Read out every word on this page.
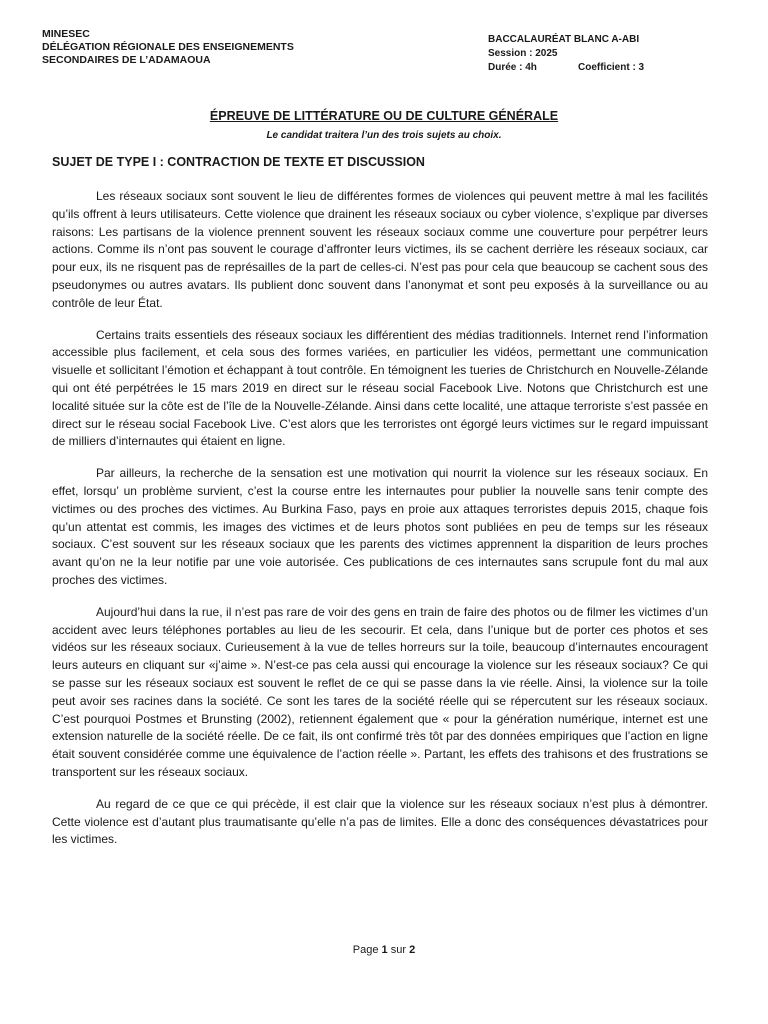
MINESEC
DÉLÉGATION RÉGIONALE DES ENSEIGNEMENTS
SECONDAIRES DE L’ADAMAOUA
BACCALAURÉAT BLANC A-ABI
Session : 2025
Durée : 4h	Coefficient : 3
ÉPREUVE DE LITTÉRATURE OU DE CULTURE GÉNÉRALE
Le candidat traitera l’un des trois sujets au choix.
SUJET DE TYPE I : CONTRACTION DE TEXTE ET DISCUSSION

Les réseaux sociaux sont souvent le lieu de différentes formes de violences qui peuvent mettre à mal les facilités qu’ils offrent à leurs utilisateurs. Cette violence que drainent les réseaux sociaux ou cyber violence, s’explique par diverses raisons: Les partisans de la violence prennent souvent les réseaux sociaux comme une couverture pour perpétrer leurs actions. Comme ils n’ont pas souvent le courage d’affronter leurs victimes, ils se cachent derrière les réseaux sociaux, car pour eux, ils ne risquent pas de représailles de la part de celles-ci. N’est pas pour cela que beaucoup se cachent sous des pseudonymes ou autres avatars. Ils publient donc souvent dans l’anonymat et sont peu exposés à la surveillance ou au contrôle de leur État.

Certains traits essentiels des réseaux sociaux les différentient des médias traditionnels. Internet rend l’information accessible plus facilement, et cela sous des formes variées, en particulier les vidéos, permettant une communication visuelle et sollicitant l’émotion et échappant à tout contrôle. En témoignent les tueries de Christchurch en Nouvelle-Zélande qui ont été perpétrées le 15 mars 2019 en direct sur le réseau social Facebook Live. Notons que Christchurch est une localité située sur la côte est de l’île de la Nouvelle-Zélande. Ainsi dans cette localité, une attaque terroriste s’est passée en direct sur le réseau social Facebook Live. C’est alors que les terroristes ont égorgé leurs victimes sur le regard impuissant de milliers d’internautes qui étaient en ligne.

Par ailleurs, la recherche de la sensation est une motivation qui nourrit la violence sur les réseaux sociaux. En effet, lorsqu’ un problème survient, c’est la course entre les internautes pour publier la nouvelle sans tenir compte des victimes ou des proches des victimes. Au Burkina Faso, pays en proie aux attaques terroristes depuis 2015, chaque fois qu’un attentat est commis, les images des victimes et de leurs photos sont publiées en peu de temps sur les réseaux sociaux. C’est souvent sur les réseaux sociaux que les parents des victimes apprennent la disparition de leurs proches avant qu’on ne la leur notifie par une voie autorisée. Ces publications de ces internautes sans scrupule font du mal aux proches des victimes.

Aujourd’hui dans la rue, il n’est pas rare de voir des gens en train de faire des photos ou de filmer les victimes d’un accident avec leurs téléphones portables au lieu de les secourir. Et cela, dans l’unique but de porter ces photos et ses vidéos sur les réseaux sociaux. Curieusement à la vue de telles horreurs sur la toile, beaucoup d’internautes encouragent leurs auteurs en cliquant sur «j’aime ». N’est-ce pas cela aussi qui encourage la violence sur les réseaux sociaux? Ce qui se passe sur les réseaux sociaux est souvent le reflet de ce qui se passe dans la vie réelle. Ainsi, la violence sur la toile peut avoir ses racines dans la société. Ce sont les tares de la société réelle qui se répercutent sur les réseaux sociaux. C’est pourquoi Postmes et Brunsting (2002), retiennent également que « pour la génération numérique, internet est une extension naturelle de la société réelle. De ce fait, ils ont confirmé très tôt par des données empiriques que l’action en ligne était souvent considérée comme une équivalence de l’action réelle ». Partant, les effets des trahisons et des frustrations se transportent sur les réseaux sociaux.

Au regard de ce que ce qui précède, il est clair que la violence sur les réseaux sociaux n’est plus à démontrer. Cette violence est d’autant plus traumatisante qu’elle n’a pas de limites. Elle a donc des conséquences dévastatrices pour les victimes.

Page 1 sur 2
